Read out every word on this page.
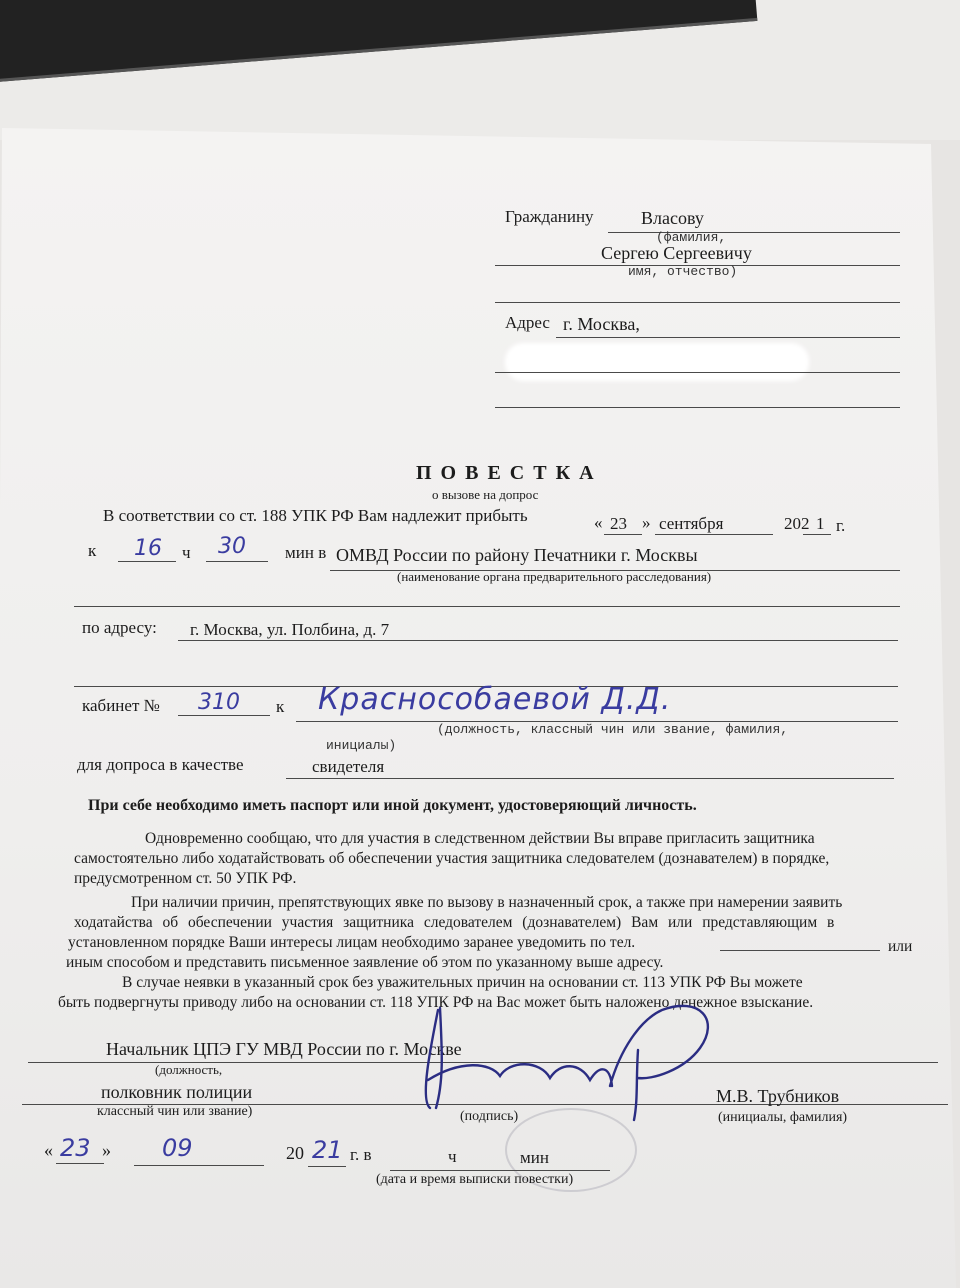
Гражданину	Власову
(фамилия,
Сергею Сергеевичу
имя, отчество)
Адрес г. Москва,
П О В Е С Т К А
о вызове на допрос
В соответствии со ст. 188 УПК РФ Вам надлежит прибыть	« 23 » сентября	202 1 г.
к 16 ч 30 мин в ОМВД России по району Печатники г. Москвы
(наименование органа предварительного расследования)
по адресу: г. Москва, ул. Полбина, д. 7
кабинет № 310 к Краснособаевой Д.Д.
(должность, классный чин или звание, фамилия,
инициалы)
для допроса в качестве	свидетеля
При себе необходимо иметь паспорт или иной документ, удостоверяющий личность.
Одновременно сообщаю, что для участия в следственном действии Вы вправе пригласить защитника
самостоятельно либо ходатайствовать об обеспечении участия защитника следователем (дознавателем) в порядке,
предусмотренном ст. 50 УПК РФ.
При наличии причин, препятствующих явке по вызову в назначенный срок, а также при намерении заявить
ходатайства об обеспечении участия защитника следователем (дознавателем) Вам или представляющим в
установленном порядке Ваши интересы лицам необходимо заранее уведомить по тел.	или
иным способом и представить письменное заявление об этом по указанному выше адресу.
В случае неявки в указанный срок без уважительных причин на основании ст. 113 УПК РФ Вы можете
быть подвергнуты приводу либо на основании ст. 118 УПК РФ на Вас может быть наложено денежное взыскание.
Начальник ЦПЭ ГУ МВД России по г. Москве
(должность,
полковник полиции
классный чин или звание)	(подпись)
М.В. Трубников
(инициалы, фамилия)
« 23 » 09	20 21 г. в	ч	мин
(дата и время выписки повестки)
